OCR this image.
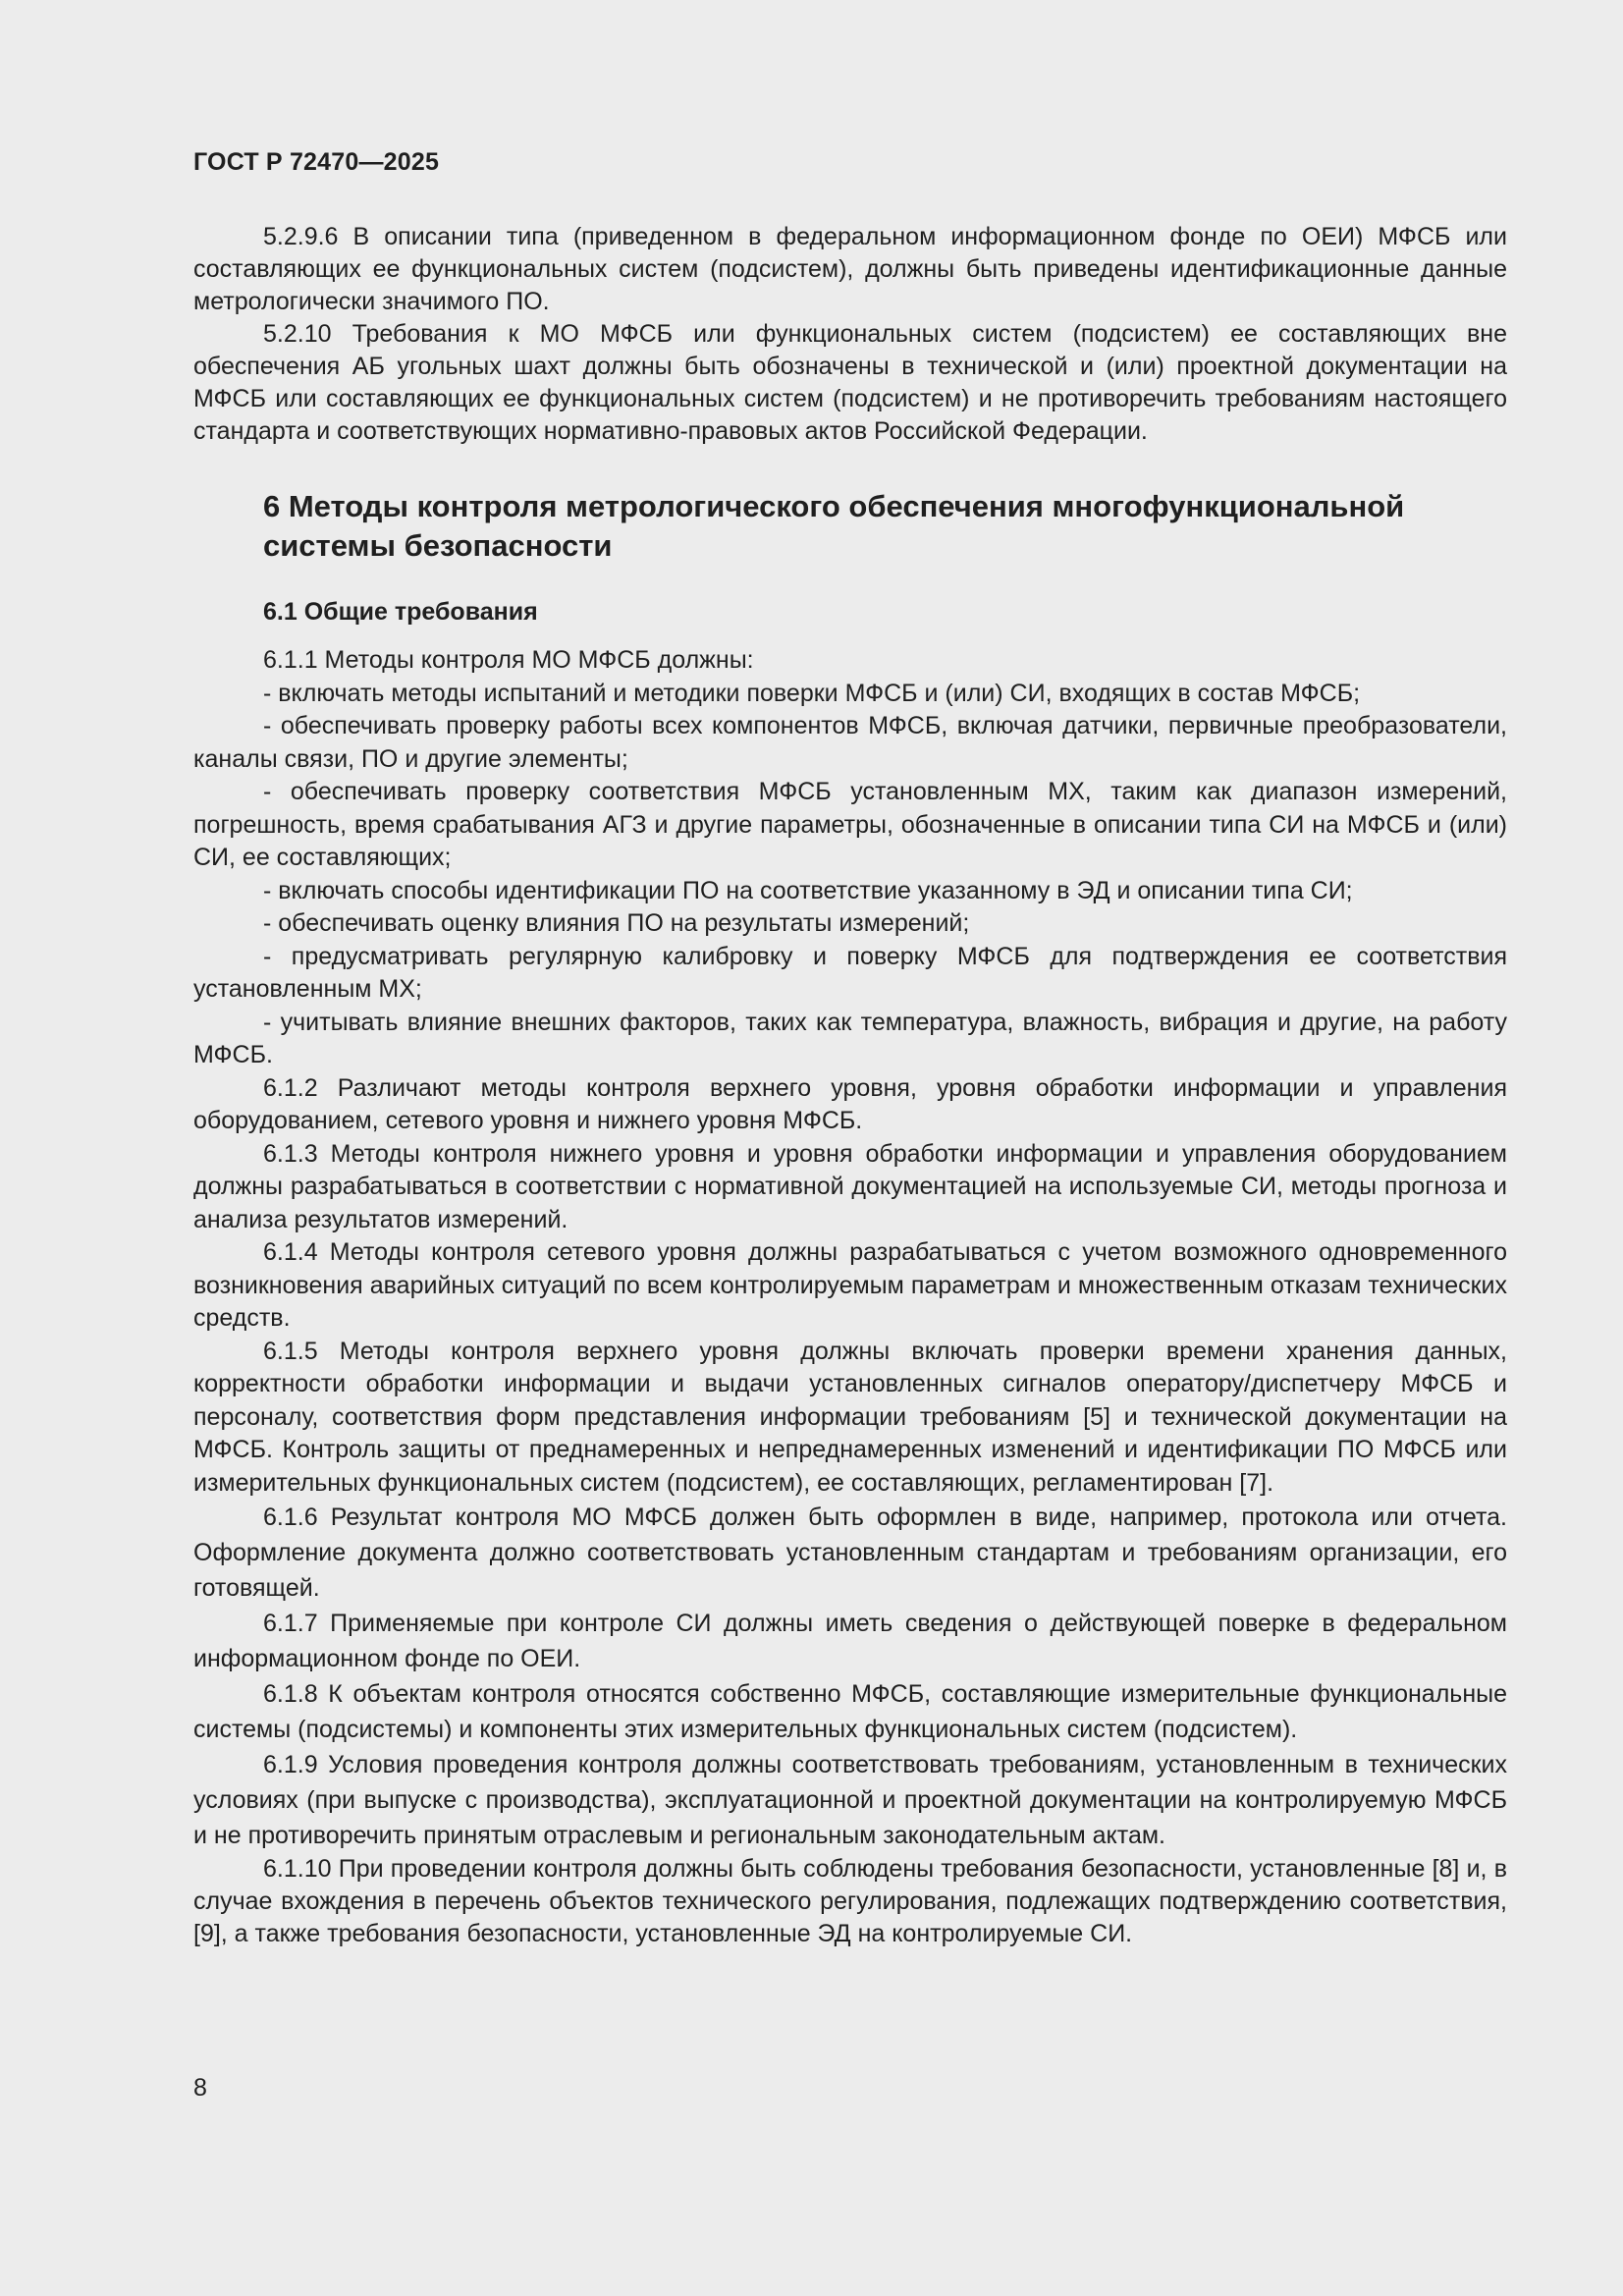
ГОСТ Р 72470—2025

5.2.9.6 В описании типа (приведенном в федеральном информационном фонде по ОЕИ) МФСБ или составляющих ее функциональных систем (подсистем), должны быть приведены идентификационные данные метрологически значимого ПО.

5.2.10 Требования к МО МФСБ или функциональных систем (подсистем) ее составляющих вне обеспечения АБ угольных шахт должны быть обозначены в технической и (или) проектной документации на МФСБ или составляющих ее функциональных систем (подсистем) и не противоречить требованиям настоящего стандарта и соответствующих нормативно-правовых актов Российской Федерации.

6 Методы контроля метрологического обеспечения многофункциональной системы безопасности
6.1 Общие требования

6.1.1 Методы контроля МО МФСБ должны:

- включать методы испытаний и методики поверки МФСБ и (или) СИ, входящих в состав МФСБ;

- обеспечивать проверку работы всех компонентов МФСБ, включая датчики, первичные преобразователи, каналы связи, ПО и другие элементы;

- обеспечивать проверку соответствия МФСБ установленным МХ, таким как диапазон измерений, погрешность, время срабатывания АГЗ и другие параметры, обозначенные в описании типа СИ на МФСБ и (или) СИ, ее составляющих;

- включать способы идентификации ПО на соответствие указанному в ЭД и описании типа СИ;

- обеспечивать оценку влияния ПО на результаты измерений;

- предусматривать регулярную калибровку и поверку МФСБ для подтверждения ее соответствия установленным МХ;

- учитывать влияние внешних факторов, таких как температура, влажность, вибрация и другие, на работу МФСБ.

6.1.2 Различают методы контроля верхнего уровня, уровня обработки информации и управления оборудованием, сетевого уровня и нижнего уровня МФСБ.

6.1.3 Методы контроля нижнего уровня и уровня обработки информации и управления оборудованием должны разрабатываться в соответствии с нормативной документацией на используемые СИ, методы прогноза и анализа результатов измерений.

6.1.4 Методы контроля сетевого уровня должны разрабатываться с учетом возможного одновременного возникновения аварийных ситуаций по всем контролируемым параметрам и множественным отказам технических средств.

6.1.5 Методы контроля верхнего уровня должны включать проверки времени хранения данных, корректности обработки информации и выдачи установленных сигналов оператору/диспетчеру МФСБ и персоналу, соответствия форм представления информации требованиям [5] и технической документации на МФСБ. Контроль защиты от преднамеренных и непреднамеренных изменений и идентификации ПО МФСБ или измерительных функциональных систем (подсистем), ее составляющих, регламентирован [7].

6.1.6 Результат контроля МО МФСБ должен быть оформлен в виде, например, протокола или отчета. Оформление документа должно соответствовать установленным стандартам и требованиям организации, его готовящей.

6.1.7 Применяемые при контроле СИ должны иметь сведения о действующей поверке в федеральном информационном фонде по ОЕИ.

6.1.8 К объектам контроля относятся собственно МФСБ, составляющие измерительные функциональные системы (подсистемы) и компоненты этих измерительных функциональных систем (подсистем).

6.1.9 Условия проведения контроля должны соответствовать требованиям, установленным в технических условиях (при выпуске с производства), эксплуатационной и проектной документации на контролируемую МФСБ и не противоречить принятым отраслевым и региональным законодательным актам.

6.1.10 При проведении контроля должны быть соблюдены требования безопасности, установленные [8] и, в случае вхождения в перечень объектов технического регулирования, подлежащих подтверждению соответствия, [9], а также требования безопасности, установленные ЭД на контролируемые СИ.

8
